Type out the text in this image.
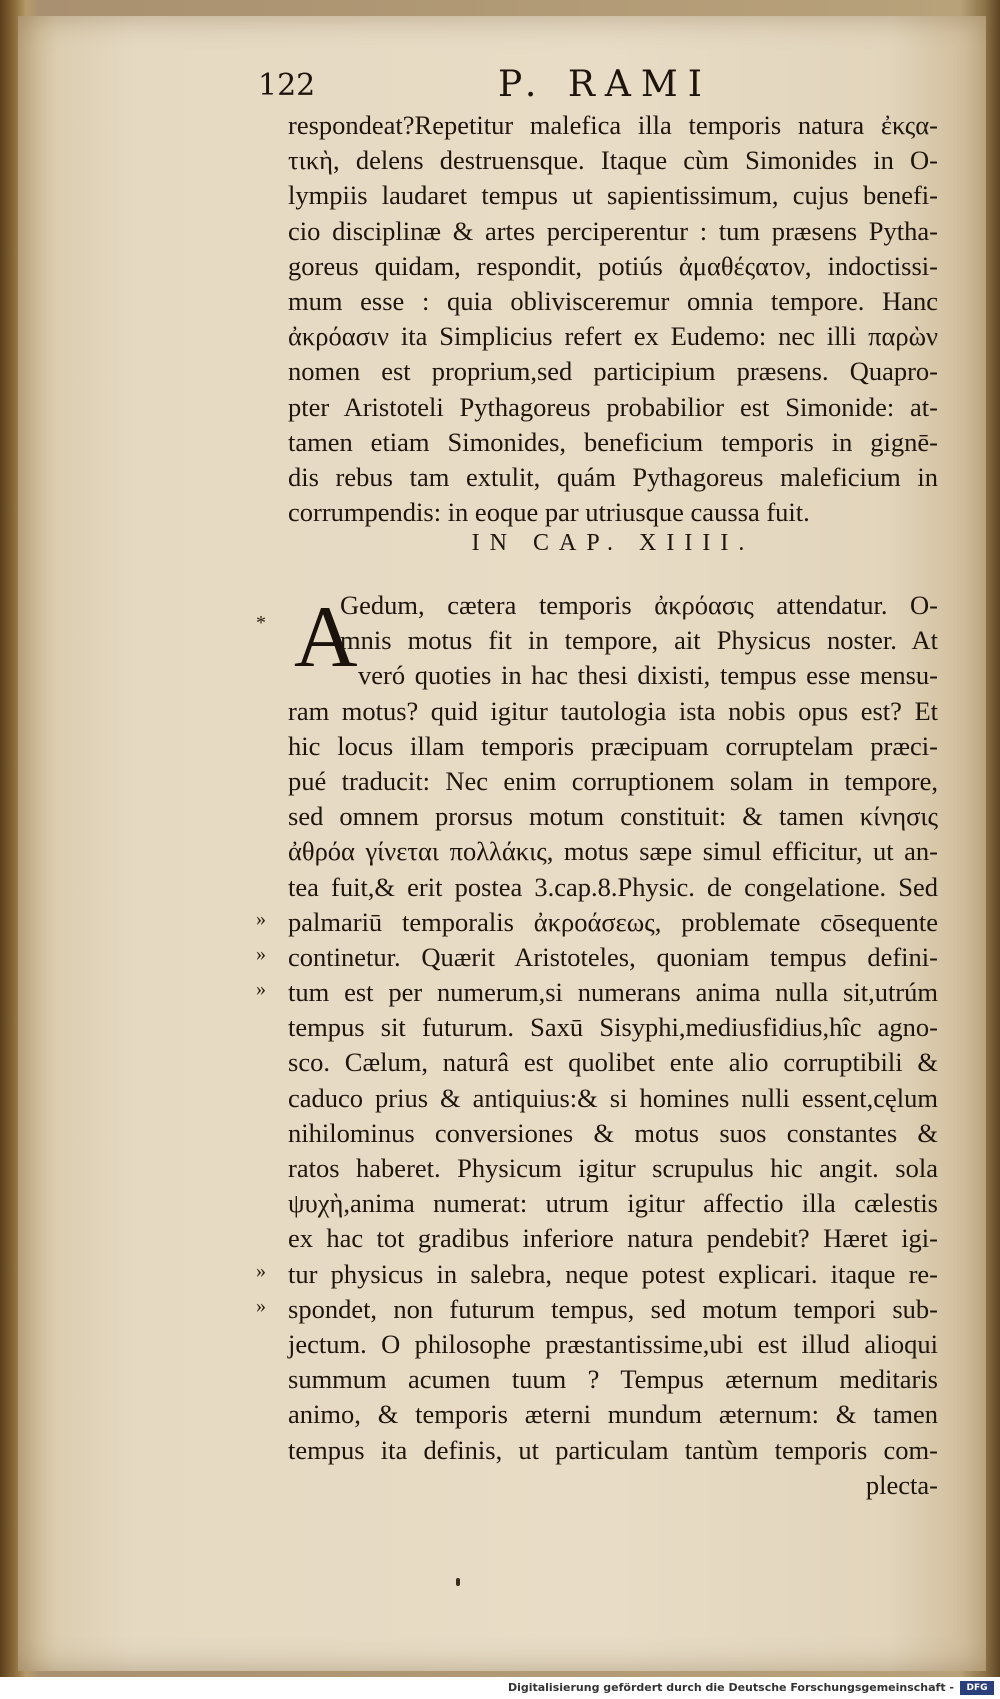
122	P. RAMI
respondeat?Repetitur malefica illa temporis natura ἐκςα-
τικὴ, delens destruensque. Itaque cùm Simonides in O-
lympiis laudaret tempus ut sapientissimum, cujus benefi-
cio disciplinæ & artes perciperentur : tum præsens Pytha-
goreus quidam, respondit, potiús ἀμαθέςατον, indoctissi-
mum esse : quia oblivisceremur omnia tempore. Hanc
ἀκρόασιν ita Simplicius refert ex Eudemo: nec illi παρὼν
nomen est proprium,sed participium præsens. Quapro-
pter Aristoteli Pythagoreus probabilior est Simonide: at-
tamen etiam Simonides, beneficium temporis in gignē-
dis rebus tam extulit, quám Pythagoreus maleficium in
corrumpendis: in eoque par utriusque caussa fuit.
IN CAP. XIIII.
A
Gedum, cætera temporis ἀκρόασις attendatur. O-
mnis motus fit in tempore, ait Physicus noster. At
veró quoties in hac thesi dixisti, tempus esse mensu-
ram motus? quid igitur tautologia ista nobis opus est? Et
hic locus illam temporis præcipuam corruptelam præci-
pué traducit: Nec enim corruptionem solam in tempore,
sed omnem prorsus motum constituit: & tamen κίνησις
ἀθρόα γίνεται πολλάκις, motus sæpe simul efficitur, ut an-
tea fuit,& erit postea 3.cap.8.Physic. de congelatione. Sed
palmariū temporalis ἀκροάσεως, problemate cōsequente
continetur. Quærit Aristoteles, quoniam tempus defini-
tum est per numerum,si numerans anima nulla sit,utrúm
tempus sit futurum. Saxū Sisyphi,mediusfidius,hîc agno-
sco. Cælum, naturâ est quolibet ente alio corruptibili &
caduco prius & antiquius:& si homines nulli essent,cęlum
nihilominus conversiones & motus suos constantes &
ratos haberet. Physicum igitur scrupulus hic angit. sola
ψυχὴ,anima numerat: utrum igitur affectio illa cælestis
ex hac tot gradibus inferiore natura pendebit? Hæret igi-
tur physicus in salebra, neque potest explicari. itaque re-
spondet, non futurum tempus, sed motum tempori sub-
jectum. O philosophe præstantissime,ubi est illud alioqui
summum acumen tuum ? Tempus æternum meditaris
animo, & temporis æterni mundum æternum: & tamen
tempus ita definis, ut particulam tantùm temporis com-
plecta-
*
»
»
»
»
»
Digitalisierung gefördert durch die Deutsche Forschungsgemeinschaft -	DFG
